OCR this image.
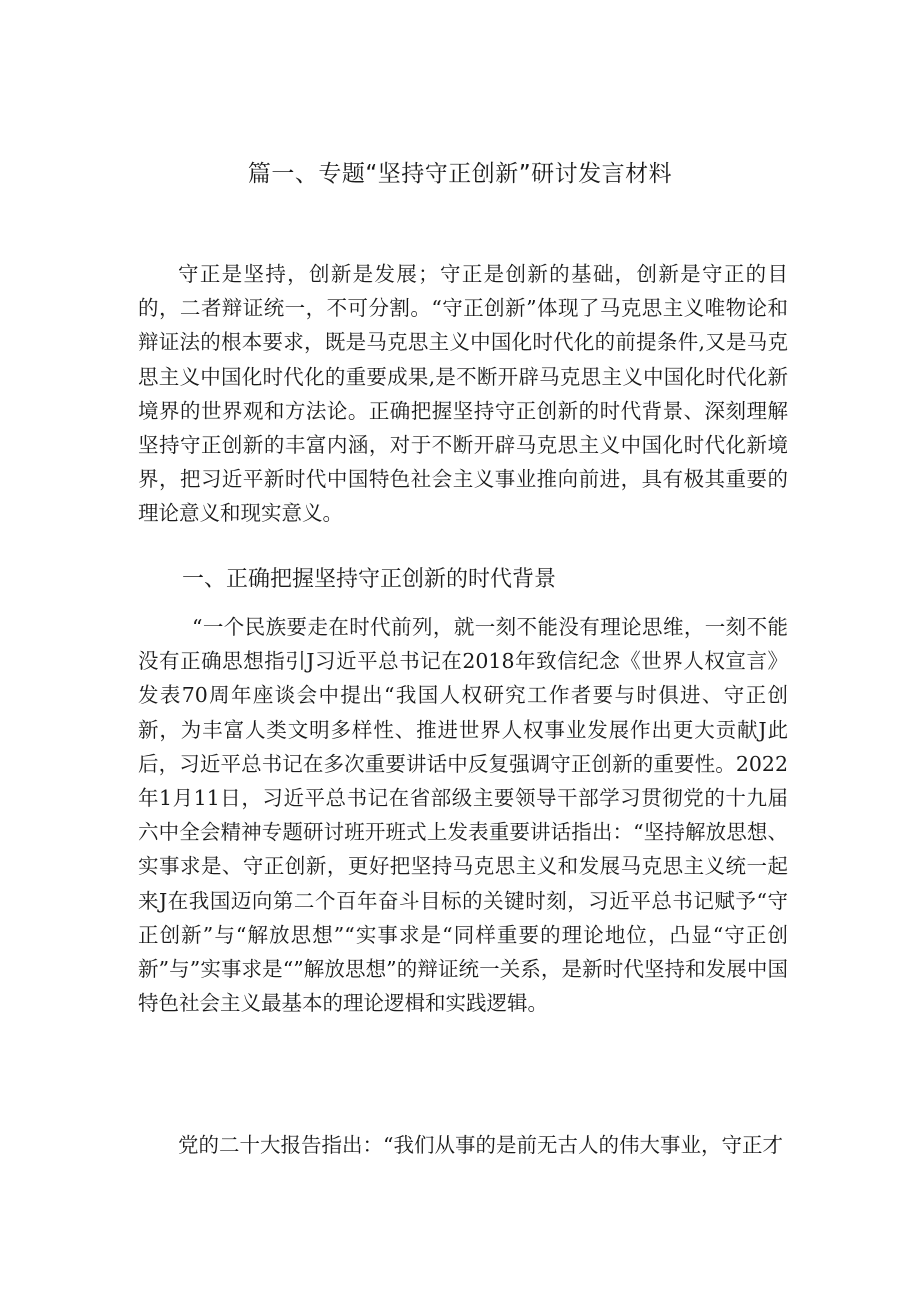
篇一、专题“坚持守正创新”研讨发言材料

守正是坚持，创新是发展；守正是创新的基础，创新是守正的目的，二者辩证统一，不可分割。“守正创新”体现了马克思主义唯物论和辩证法的根本要求，既是马克思主义中国化时代化的前提条件,又是马克思主义中国化时代化的重要成果,是不断开辟马克思主义中国化时代化新境界的世界观和方法论。正确把握坚持守正创新的时代背景、深刻理解坚持守正创新的丰富内涵，对于不断开辟马克思主义中国化时代化新境界，把习近平新时代中国特色社会主义事业推向前进，具有极其重要的理论意义和现实意义。

一、正确把握坚持守正创新的时代背景

“一个民族要走在时代前列，就一刻不能没有理论思维，一刻不能没有正确思想指引J习近平总书记在2018年致信纪念《世界人权宣言》发表70周年座谈会中提出“我国人权研究工作者要与时俱进、守正创新，为丰富人类文明多样性、推进世界人权事业发展作出更大贡献J此后，习近平总书记在多次重要讲话中反复强调守正创新的重要性。2022年1月11日，习近平总书记在省部级主要领导干部学习贯彻党的十九届六中全会精神专题研讨班开班式上发表重要讲话指出：“坚持解放思想、实事求是、守正创新，更好把坚持马克思主义和发展马克思主义统一起来J在我国迈向第二个百年奋斗目标的关键时刻，习近平总书记赋予“守正创新”与“解放思想”“实事求是“同样重要的理论地位，凸显“守正创新”与”实事求是“”解放思想”的辩证统一关系，是新时代坚持和发展中国特色社会主义最基本的理论逻楫和实践逻辑。

党的二十大报告指出：“我们从事的是前无古人的伟大事业，守正才
